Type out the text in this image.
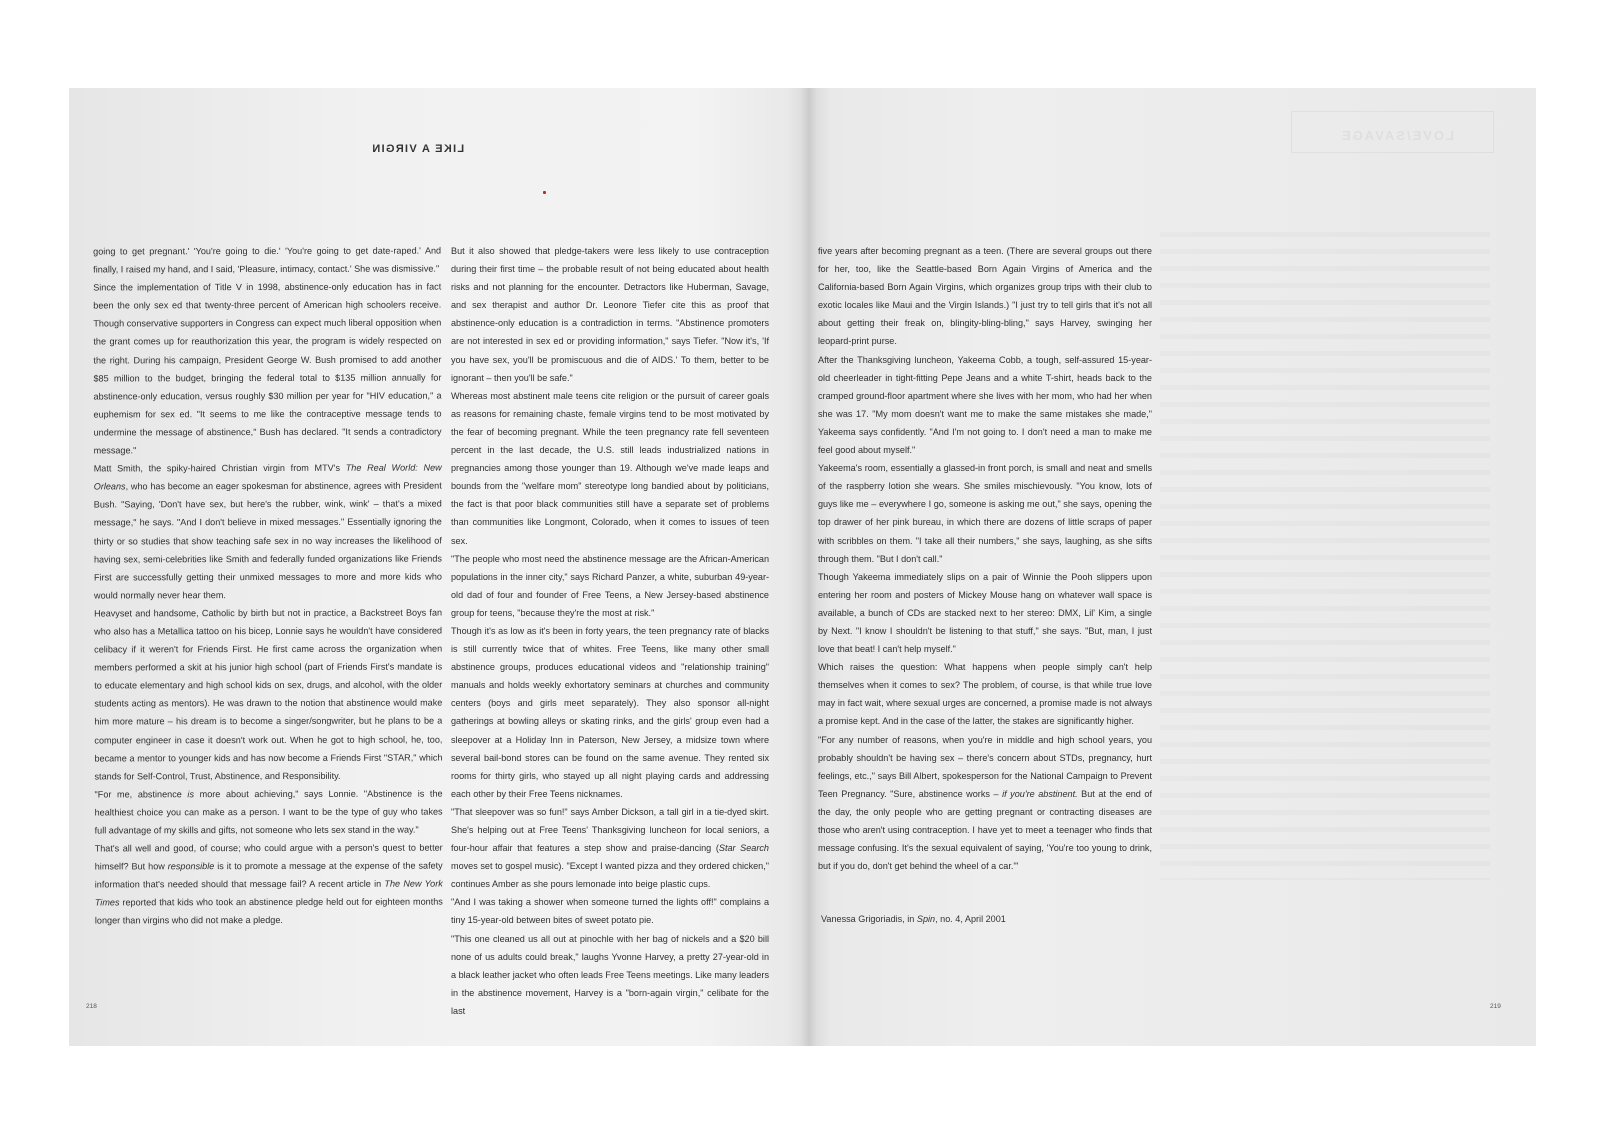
LOVE/SAVAGE
LIKE A VIRGIN

going to get pregnant.' 'You're going to die.' 'You're going to get date-raped.' And finally, I raised my hand, and I said, 'Pleasure, intimacy, contact.' She was dismissive."

Since the implementation of Title V in 1998, abstinence-only education has in fact been the only sex ed that twenty-three percent of American high schoolers receive. Though conservative supporters in Congress can expect much liberal opposition when the grant comes up for reauthorization this year, the program is widely respected on the right. During his campaign, President George W. Bush promised to add another $85 million to the budget, bringing the federal total to $135 million annually for abstinence-only education, versus roughly $30 million per year for "HIV education," a euphemism for sex ed. "It seems to me like the contraceptive message tends to undermine the message of abstinence," Bush has declared. "It sends a contradictory message."

Matt Smith, the spiky-haired Christian virgin from MTV's The Real World: New Orleans, who has become an eager spokesman for abstinence, agrees with President Bush. "Saying, 'Don't have sex, but here's the rubber, wink, wink' – that's a mixed message," he says. "And I don't believe in mixed messages." Essentially ignoring the thirty or so studies that show teaching safe sex in no way increases the likelihood of having sex, semi-celebrities like Smith and federally funded organizations like Friends First are successfully getting their unmixed messages to more and more kids who would normally never hear them.

Heavyset and handsome, Catholic by birth but not in practice, a Backstreet Boys fan who also has a Metallica tattoo on his bicep, Lonnie says he wouldn't have considered celibacy if it weren't for Friends First. He first came across the organization when members performed a skit at his junior high school (part of Friends First's mandate is to educate elementary and high school kids on sex, drugs, and alcohol, with the older students acting as mentors). He was drawn to the notion that abstinence would make him more mature – his dream is to become a singer/songwriter, but he plans to be a computer engineer in case it doesn't work out. When he got to high school, he, too, became a mentor to younger kids and has now become a Friends First "STAR," which stands for Self-Control, Trust, Abstinence, and Responsibility.

"For me, abstinence is more about achieving," says Lonnie. "Abstinence is the healthiest choice you can make as a person. I want to be the type of guy who takes full advantage of my skills and gifts, not someone who lets sex stand in the way."

That's all well and good, of course; who could argue with a person's quest to better himself? But how responsible is it to promote a message at the expense of the safety information that's needed should that message fail? A recent article in The New York Times reported that kids who took an abstinence pledge held out for eighteen months longer than virgins who did not make a pledge.

But it also showed that pledge-takers were less likely to use contraception during their first time – the probable result of not being educated about health risks and not planning for the encounter. Detractors like Huberman, Savage, and sex therapist and author Dr. Leonore Tiefer cite this as proof that abstinence-only education is a contradiction in terms. "Abstinence promoters are not interested in sex ed or providing information," says Tiefer. "Now it's, 'If you have sex, you'll be promiscuous and die of AIDS.' To them, better to be ignorant – then you'll be safe."

Whereas most abstinent male teens cite religion or the pursuit of career goals as reasons for remaining chaste, female virgins tend to be most motivated by the fear of becoming pregnant. While the teen pregnancy rate fell seventeen percent in the last decade, the U.S. still leads industrialized nations in pregnancies among those younger than 19. Although we've made leaps and bounds from the "welfare mom" stereotype long bandied about by politicians, the fact is that poor black communities still have a separate set of problems than communities like Longmont, Colorado, when it comes to issues of teen sex.

"The people who most need the abstinence message are the African-American populations in the inner city," says Richard Panzer, a white, suburban 49-year-old dad of four and founder of Free Teens, a New Jersey-based abstinence group for teens, "because they're the most at risk."

Though it's as low as it's been in forty years, the teen pregnancy rate of blacks is still currently twice that of whites. Free Teens, like many other small abstinence groups, produces educational videos and "relationship training" manuals and holds weekly exhortatory seminars at churches and community centers (boys and girls meet separately). They also sponsor all-night gatherings at bowling alleys or skating rinks, and the girls' group even had a sleepover at a Holiday Inn in Paterson, New Jersey, a midsize town where several bail-bond stores can be found on the same avenue. They rented six rooms for thirty girls, who stayed up all night playing cards and addressing each other by their Free Teens nicknames.

"That sleepover was so fun!" says Amber Dickson, a tall girl in a tie-dyed skirt. She's helping out at Free Teens' Thanksgiving luncheon for local seniors, a four-hour affair that features a step show and praise-dancing (Star Search moves set to gospel music). "Except I wanted pizza and they ordered chicken," continues Amber as she pours lemonade into beige plastic cups.

"And I was taking a shower when someone turned the lights off!" complains a tiny 15-year-old between bites of sweet potato pie.

"This one cleaned us all out at pinochle with her bag of nickels and a $20 bill none of us adults could break," laughs Yvonne Harvey, a pretty 27-year-old in a black leather jacket who often leads Free Teens meetings. Like many leaders in the abstinence movement, Harvey is a "born-again virgin," celibate for the last

five years after becoming pregnant as a teen. (There are several groups out there for her, too, like the Seattle-based Born Again Virgins of America and the California-based Born Again Virgins, which organizes group trips with their club to exotic locales like Maui and the Virgin Islands.) "I just try to tell girls that it's not all about getting their freak on, blingity-bling-bling," says Harvey, swinging her leopard-print purse.

After the Thanksgiving luncheon, Yakeema Cobb, a tough, self-assured 15-year-old cheerleader in tight-fitting Pepe Jeans and a white T-shirt, heads back to the cramped ground-floor apartment where she lives with her mom, who had her when she was 17. "My mom doesn't want me to make the same mistakes she made," Yakeema says confidently. "And I'm not going to. I don't need a man to make me feel good about myself."

Yakeema's room, essentially a glassed-in front porch, is small and neat and smells of the raspberry lotion she wears. She smiles mischievously. "You know, lots of guys like me – everywhere I go, someone is asking me out," she says, opening the top drawer of her pink bureau, in which there are dozens of little scraps of paper with scribbles on them. "I take all their numbers," she says, laughing, as she sifts through them. "But I don't call."

Though Yakeema immediately slips on a pair of Winnie the Pooh slippers upon entering her room and posters of Mickey Mouse hang on whatever wall space is available, a bunch of CDs are stacked next to her stereo: DMX, Lil' Kim, a single by Next. "I know I shouldn't be listening to that stuff," she says. "But, man, I just love that beat! I can't help myself."

Which raises the question: What happens when people simply can't help themselves when it comes to sex? The problem, of course, is that while true love may in fact wait, where sexual urges are concerned, a promise made is not always a promise kept. And in the case of the latter, the stakes are significantly higher.

"For any number of reasons, when you're in middle and high school years, you probably shouldn't be having sex – there's concern about STDs, pregnancy, hurt feelings, etc.," says Bill Albert, spokesperson for the National Campaign to Prevent Teen Pregnancy. "Sure, abstinence works – if you're abstinent. But at the end of the day, the only people who are getting pregnant or contracting diseases are those who aren't using contraception. I have yet to meet a teenager who finds that message confusing. It's the sexual equivalent of saying, 'You're too young to drink, but if you do, don't get behind the wheel of a car.'"

Vanessa Grigoriadis, in Spin, no. 4, April 2001
218	219
